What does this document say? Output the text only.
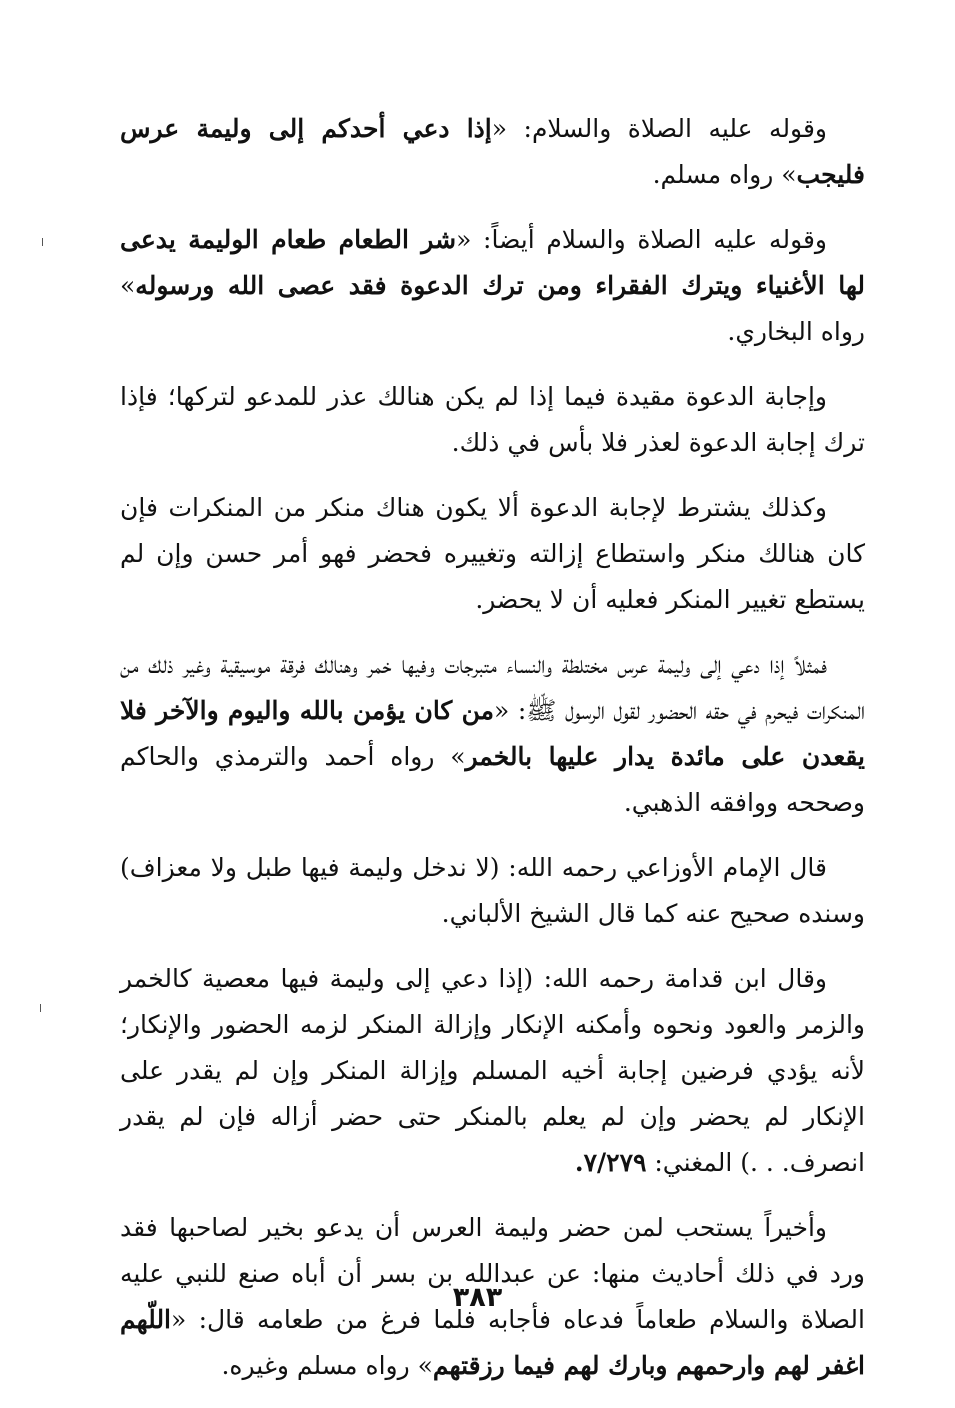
وقوله عليه الصلاة والسلام: «إذا دعي أحدكم إلى وليمة عرس فليجب» رواه مسلم.

وقوله عليه الصلاة والسلام أيضاً: «شر الطعام طعام الوليمة يدعى لها الأغنياء ويترك الفقراء ومن ترك الدعوة فقد عصى الله ورسوله» رواه البخاري.

وإجابة الدعوة مقيدة فيما إذا لم يكن هنالك عذر للمدعو لتركها؛ فإذا ترك إجابة الدعوة لعذر فلا بأس في ذلك.

وكذلك يشترط لإجابة الدعوة ألا يكون هناك منكر من المنكرات فإن كان هنالك منكر واستطاع إزالته وتغييره فحضر فهو أمر حسن وإن لم يستطع تغيير المنكر فعليه أن لا يحضر.

فمثلاً إذا دعي إلى وليمة عرس مختلطة والنساء متبرجات وفيها خمر وهنالك فرقة موسيقية وغير ذلك من المنكرات فيحرم في حقه الحضور لقول الرسول ﷺ: «من كان يؤمن بالله واليوم والآخر فلا يقعدن على مائدة يدار عليها بالخمر» رواه أحمد والترمذي والحاكم وصححه ووافقه الذهبي.

قال الإمام الأوزاعي رحمه الله: (لا ندخل وليمة فيها طبل ولا معزاف) وسنده صحيح عنه كما قال الشيخ الألباني.

وقال ابن قدامة رحمه الله: (إذا دعي إلى وليمة فيها معصية كالخمر والزمر والعود ونحوه وأمكنه الإنكار وإزالة المنكر لزمه الحضور والإنكار؛ لأنه يؤدي فرضين إجابة أخيه المسلم وإزالة المنكر وإن لم يقدر على الإنكار لم يحضر وإن لم يعلم بالمنكر حتى حضر أزاله فإن لم يقدر انصرف. . .) المغني: ٧/٢٧٩.

وأخيراً يستحب لمن حضر وليمة العرس أن يدعو بخير لصاحبها فقد ورد في ذلك أحاديث منها: عن عبدالله بن بسر أن أباه صنع للنبي عليه الصلاة والسلام طعاماً فدعاه فأجابه فلما فرغ من طعامه قال: «اللّهم اغفر لهم وارحمهم وبارك لهم فيما رزقتهم» رواه مسلم وغيره.

٣٨٣
